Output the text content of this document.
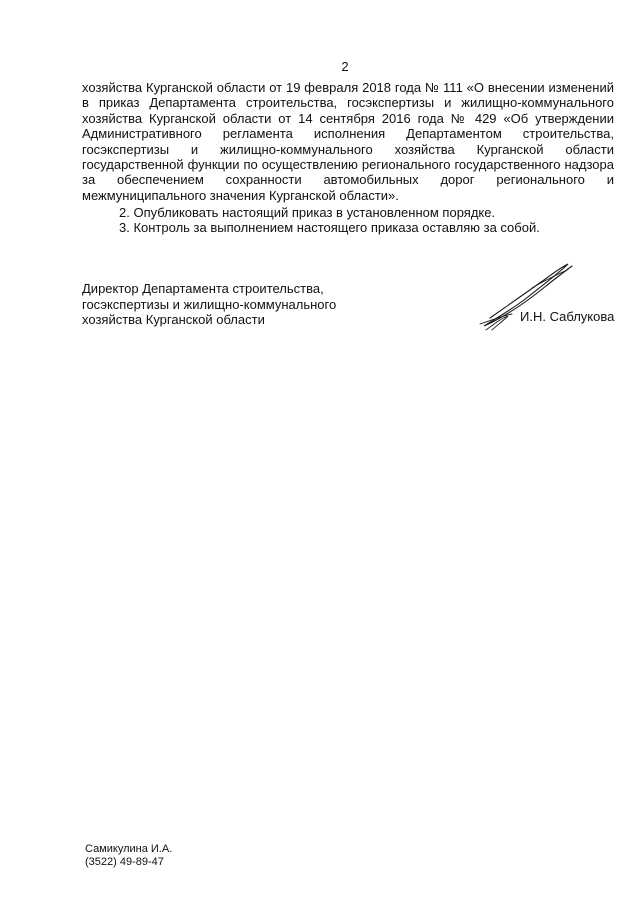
2
хозяйства Курганской области от 19 февраля 2018 года № 111 «О внесении изменений
в приказ Департамента строительства, госэкспертизы и жилищно-коммунального
хозяйства Курганской области от 14 сентября 2016 года № 429 «Об утверждении
Административного регламента исполнения Департаментом строительства,
госэкспертизы и жилищно-коммунального хозяйства Курганской области
государственной функции по осуществлению регионального государственного надзора
за обеспечением сохранности автомобильных дорог регионального и
межмуниципального значения Курганской области».
2. Опубликовать настоящий приказ в установленном порядке.
3. Контроль за выполнением настоящего приказа оставляю за собой.
Директор Департамента строительства,
госэкспертизы и жилищно-коммунального
хозяйства Курганской области	И.Н. Саблукова
Самикулина И.А.
(3522) 49-89-47
